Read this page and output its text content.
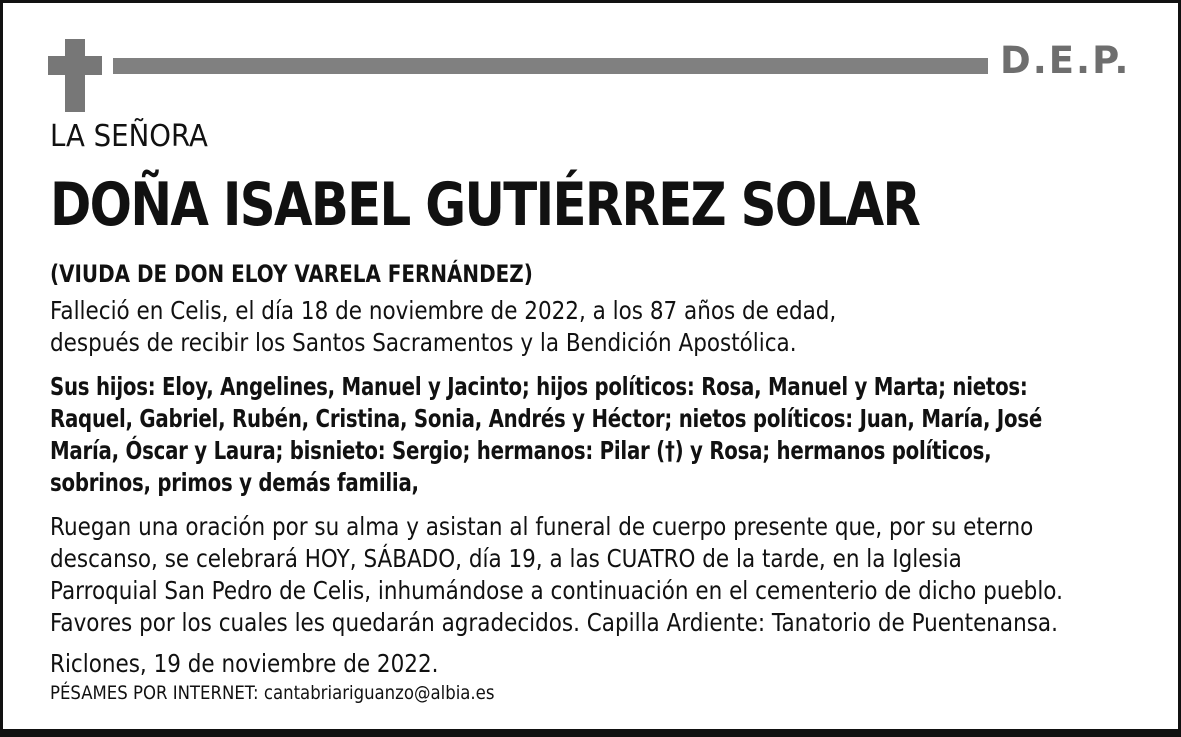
D.E.P.

LA SEÑORA

DOÑA ISABEL GUTIÉRREZ SOLAR

(VIUDA DE DON ELOY VARELA FERNÁNDEZ)

Falleció en Celis, el día 18 de noviembre de 2022, a los 87 años de edad,
después de recibir los Santos Sacramentos y la Bendición Apostólica.
Sus hijos: Eloy, Angelines, Manuel y Jacinto; hijos políticos: Rosa, Manuel y Marta; nietos:
Raquel, Gabriel, Rubén, Cristina, Sonia, Andrés y Héctor; nietos políticos: Juan, María, José
María, Óscar y Laura; bisnieto: Sergio; hermanos: Pilar (†) y Rosa; hermanos políticos,
sobrinos, primos y demás familia,
Ruegan una oración por su alma y asistan al funeral de cuerpo presente que, por su eterno
descanso, se celebrará HOY, SÁBADO, día 19, a las CUATRO de la tarde, en la Iglesia
Parroquial San Pedro de Celis, inhumándose a continuación en el cementerio de dicho pueblo.
Favores por los cuales les quedarán agradecidos. Capilla Ardiente: Tanatorio de Puentenansa.

Riclones, 19 de noviembre de 2022.

PÉSAMES POR INTERNET: cantabriariguanzo@albia.es
